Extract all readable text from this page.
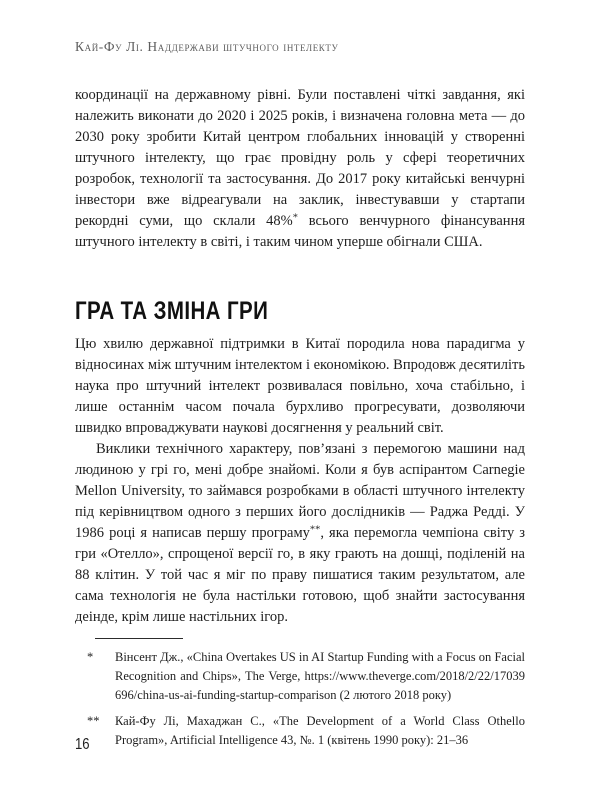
Кай-Фу Лі. Наддержави штучного інтелекту

координації на державному рівні. Були поставлені чіткі завдання, які належить виконати до 2020 і 2025 років, і визначена головна мета — до 2030 року зробити Китай центром глобальних інновацій у створенні штучного інтелекту, що грає провідну роль у сфері теоретичних розробок, технології та застосування. До 2017 року китайські венчурні інвестори вже відреагували на заклик, інвестувавши у стартапи рекордні суми, що склали 48%* всього венчурного фінансування штучного інтелекту в світі, і таким чином уперше обігнали США.

ГРА ТА ЗМІНА ГРИ

Цю хвилю державної підтримки в Китаї породила нова парадигма у відносинах між штучним інтелектом і економікою. Впродовж десятиліть наука про штучний інтелект розвивалася повільно, хоча стабільно, і лише останнім часом почала бурхливо прогресувати, дозволяючи швидко впроваджувати наукові досягнення у реальний світ.

Виклики технічного характеру, пов’язані з перемогою машини над людиною у грі го, мені добре знайомі. Коли я був аспірантом Carnegie Mellon University, то займався розробками в області штучного інтелекту під керівництвом одного з перших його дослідників — Раджа Редді. У 1986 році я написав першу програму**, яка перемогла чемпіона світу з гри «Отелло», спрощеної версії го, в яку грають на дошці, поділеній на 88 клітин. У той час я міг по праву пишатися таким результатом, але сама технологія не була настільки готовою, щоб знайти застосування деінде, крім лише настільних ігор.

*	Вінсент Дж., «China Overtakes US in AI Startup Funding with a Focus on Facial Recognition and Chips», The Verge, https://www.theverge.com/2018/2/22/17039696/china-us-ai-funding-startup-comparison (2 лютого 2018 року)
**	Кай-Фу Лі, Махаджан С., «The Development of a World Class Othello Program», Artificial Intelligence 43, №. 1 (квітень 1990 року): 21–36
16
